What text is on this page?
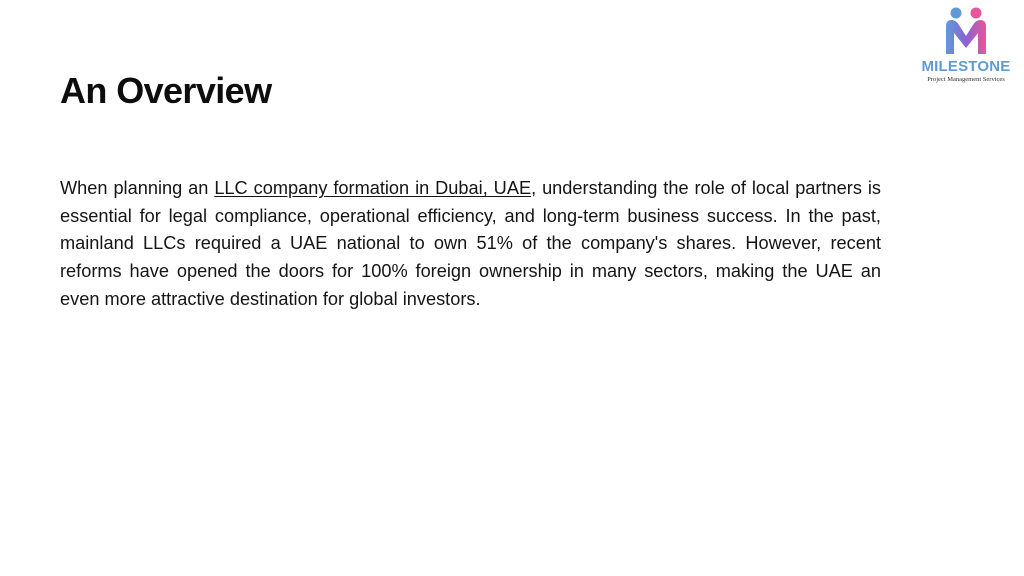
An Overview

When planning an LLC company formation in Dubai, UAE, understanding the role of local partners is essential for legal compliance, operational efficiency, and long-term business success. In the past, mainland LLCs required a UAE national to own 51% of the company's shares. However, recent reforms have opened the doors for 100% foreign ownership in many sectors, making the UAE an even more attractive destination for global investors.

MILESTONE
Project Management Services
